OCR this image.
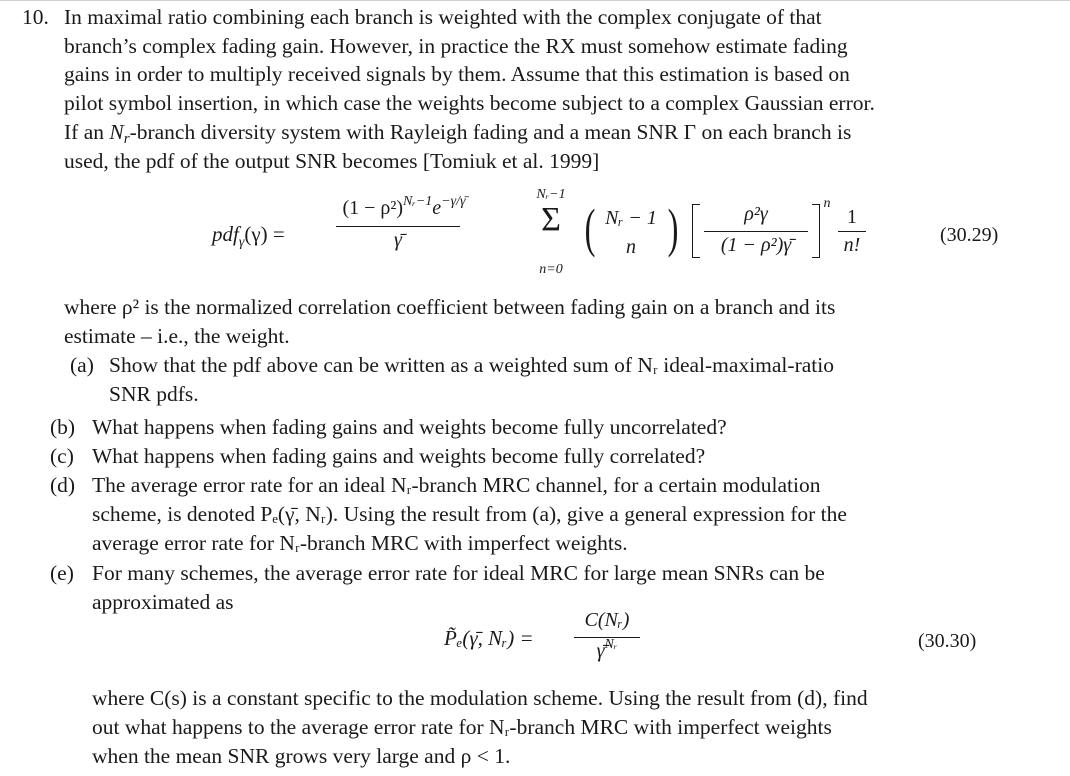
10. In maximal ratio combining each branch is weighted with the complex conjugate of that
branch’s complex fading gain. However, in practice the RX must somehow estimate fading
gains in order to multiply received signals by them. Assume that this estimation is based on
pilot symbol insertion, in which case the weights become subject to a complex Gaussian error.
If an Nr-branch diversity system with Rayleigh fading and a mean SNR Γ on each branch is
used, the pdf of the output SNR becomes [Tomiuk et al. 1999]
pdf$_\gamma$(γ) =
$(1 - \rho^2)^{Nᵣ-1}e^{-\gamma/\gammā}$
γ̄
Nᵣ−1
Σ
n=0
( Nᵣ − 1
n )	ρ²γ
(1 − ρ²)γ̄
n
1
n!	(30.29)
where ρ² is the normalized correlation coefficient between fading gain on a branch and its
estimate – i.e., the weight.
(a) Show that the pdf above can be written as a weighted sum of Nᵣ ideal-maximal-ratio
SNR pdfs.
(b) What happens when fading gains and weights become fully uncorrelated?
(c) What happens when fading gains and weights become fully correlated?
(d) The average error rate for an ideal Nᵣ-branch MRC channel, for a certain modulation
scheme, is denoted Pₑ(γ̄, Nᵣ). Using the result from (a), give a general expression for the
average error rate for Nᵣ-branch MRC with imperfect weights.
(e) For many schemes, the average error rate for ideal MRC for large mean SNRs can be
approximated as
P̃ₑ(γ̄, Nᵣ) =
C(Nᵣ)
γ̄$^{Nᵣ}$	(30.30)
where C(s) is a constant specific to the modulation scheme. Using the result from (d), find
out what happens to the average error rate for Nᵣ-branch MRC with imperfect weights
when the mean SNR grows very large and ρ < 1.
